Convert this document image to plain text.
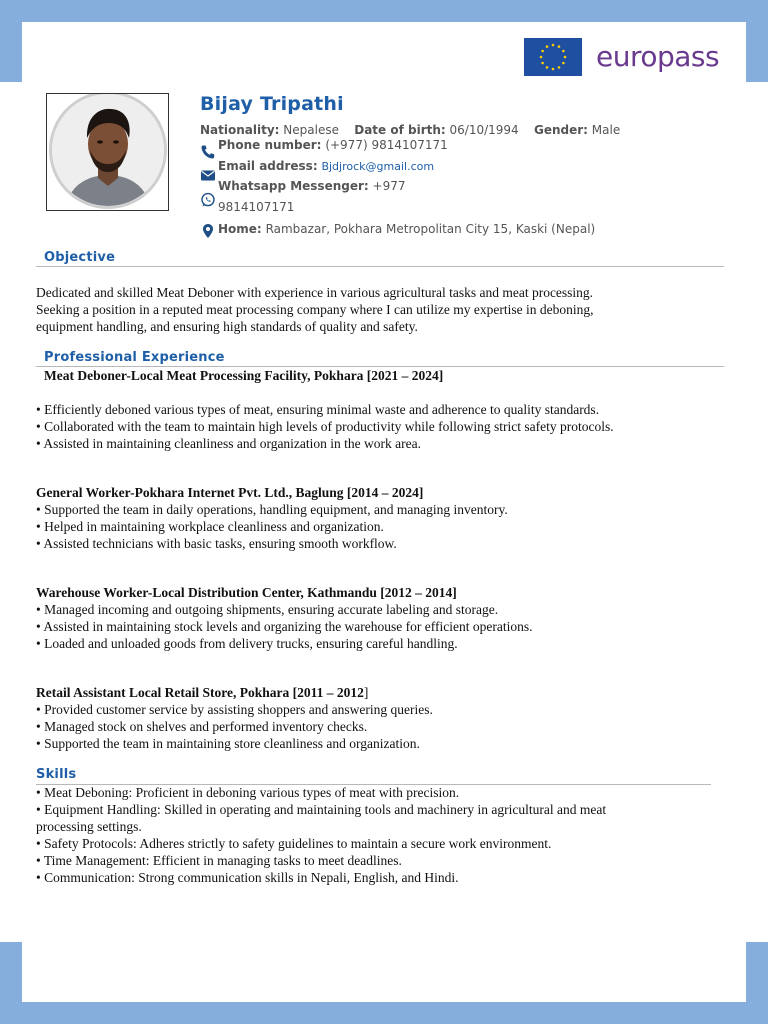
europass
Bijay Tripathi
Nationality: Nepalese Date of birth: 06/10/1994 Gender: Male
Phone number: (+977) 9814107171
Email address: Bjdjrock@gmail.com
Whatsapp Messenger: +977
9814107171
Home: Rambazar, Pokhara Metropolitan City 15, Kaski (Nepal)
Objective
Dedicated and skilled Meat Deboner with experience in various agricultural tasks and meat processing.
Seeking a position in a reputed meat processing company where I can utilize my expertise in deboning,
equipment handling, and ensuring high standards of quality and safety.
Professional Experience
Meat Deboner-Local Meat Processing Facility, Pokhara [2021 – 2024]
• Efficiently deboned various types of meat, ensuring minimal waste and adherence to quality standards.
• Collaborated with the team to maintain high levels of productivity while following strict safety protocols.
• Assisted in maintaining cleanliness and organization in the work area.
General Worker-Pokhara Internet Pvt. Ltd., Baglung [2014 – 2024]
• Supported the team in daily operations, handling equipment, and managing inventory.
• Helped in maintaining workplace cleanliness and organization.
• Assisted technicians with basic tasks, ensuring smooth workflow.
Warehouse Worker-Local Distribution Center, Kathmandu [2012 – 2014]
• Managed incoming and outgoing shipments, ensuring accurate labeling and storage.
• Assisted in maintaining stock levels and organizing the warehouse for efficient operations.
• Loaded and unloaded goods from delivery trucks, ensuring careful handling.
Retail Assistant Local Retail Store, Pokhara [2011 – 2012]
• Provided customer service by assisting shoppers and answering queries.
• Managed stock on shelves and performed inventory checks.
• Supported the team in maintaining store cleanliness and organization.
Skills
• Meat Deboning: Proficient in deboning various types of meat with precision.
• Equipment Handling: Skilled in operating and maintaining tools and machinery in agricultural and meat
processing settings.
• Safety Protocols: Adheres strictly to safety guidelines to maintain a secure work environment.
• Time Management: Efficient in managing tasks to meet deadlines.
• Communication: Strong communication skills in Nepali, English, and Hindi.
